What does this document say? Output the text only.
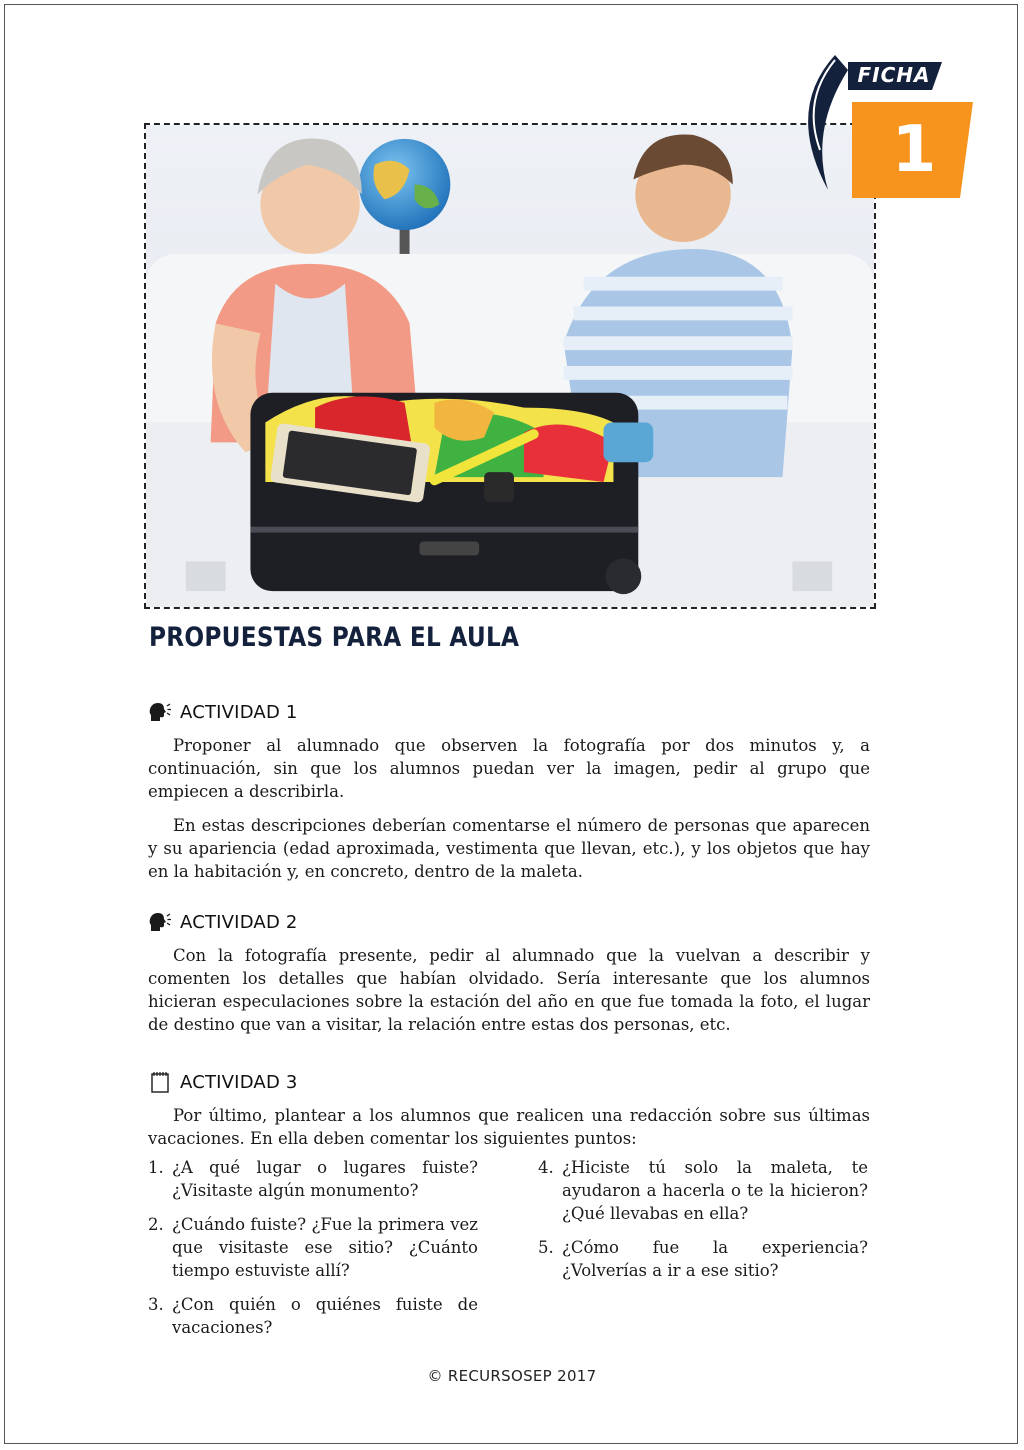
FICHA
1
PROPUESTAS PARA EL AULA
ACTIVIDAD 1

Proponer al alumnado que observen la fotografía por dos minutos y, a continuación, sin que los alumnos puedan ver la imagen, pedir al grupo que empiecen a describirla.

En estas descripciones deberían comentarse el número de personas que aparecen y su apariencia (edad aproximada, vestimenta que llevan, etc.), y los objetos que hay en la habitación y, en concreto, dentro de la maleta.

ACTIVIDAD 2

Con la fotografía presente, pedir al alumnado que la vuelvan a describir y comenten los detalles que habían olvidado. Sería interesante que los alumnos hicieran especulaciones sobre la estación del año en que fue tomada la foto, el lugar de destino que van a visitar, la relación entre estas dos personas, etc.

ACTIVIDAD 3

Por último, plantear a los alumnos que realicen una redacción sobre sus últimas vacaciones. En ella deben comentar los siguientes puntos:

1. ¿A qué lugar o lugares fuiste? ¿Visitaste algún monumento?
2. ¿Cuándo fuiste? ¿Fue la primera vez que visitaste ese sitio? ¿Cuánto tiempo estuviste allí?
3. ¿Con quién o quiénes fuiste de vacaciones?
4. ¿Hiciste tú solo la maleta, te ayudaron a hacerla o te la hicieron? ¿Qué llevabas en ella?
5. ¿Cómo fue la experiencia? ¿Volverías a ir a ese sitio?
© RECURSOSEP 2017
